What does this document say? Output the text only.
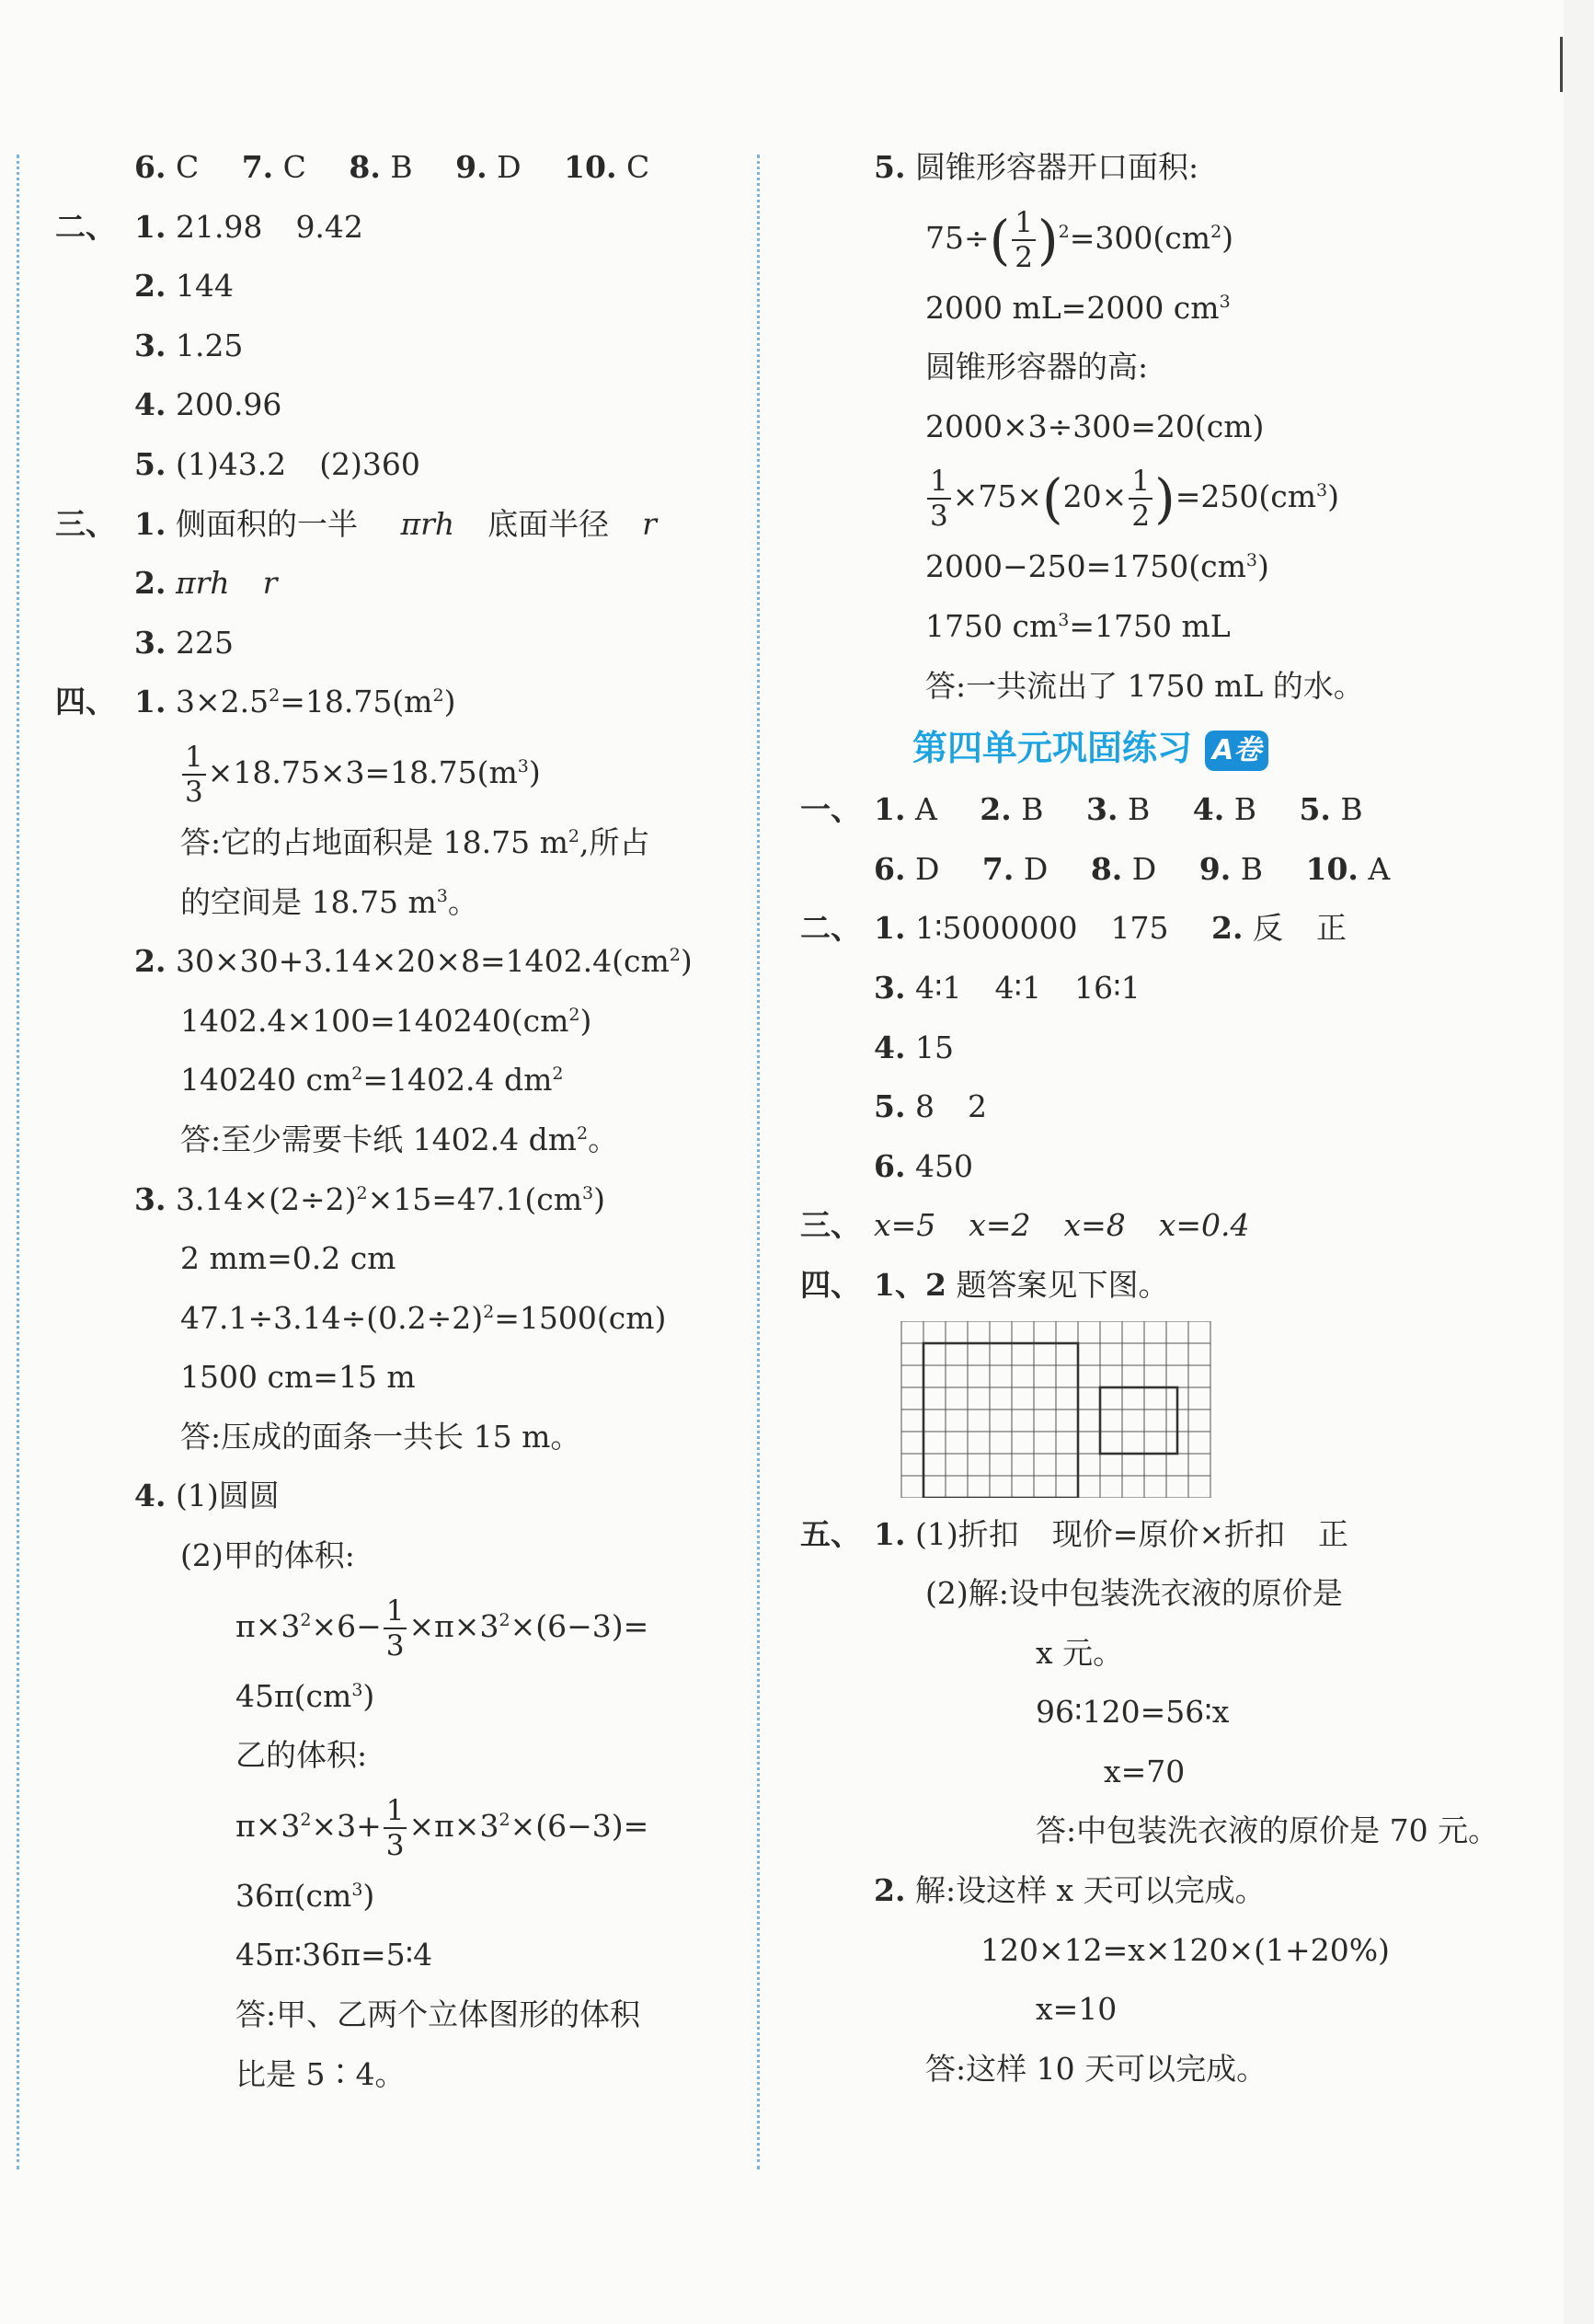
6. C 7. C 8. B 9. D 10. C
二、 1. 21.98 9.42
2. 144
3. 1.25
4. 200.96
5. (1)43.2 (2)360
三、 1. 侧面积的一半 πrh 底面半径 r
2. πrh r
3. 225
四、 1. $3\times 2.5^2=18.75(m^2)$
$\frac{1}{3} \times 18.75\times 3=18.75(m^3)$
答:它的占地面积是 18.75 $m^2$,所占
的空间是 18.75 $m^3$。
2. $30\times 30+3.14\times 20\times 8=1402.4(cm^2)$
$1402.4\times 100=140240(cm^2)$
140240 $cm^2=1402.4$ $dm^2$
答:至少需要卡纸 1402.4 $dm^2$。
3. $3.14\times(2\div 2)^2\times 15=47.1(cm^3)$
2 mm=0.2 cm
$47.1\div 3.14\div(0.2\div 2)^2=1500(cm)$
1500 cm=15 m
答:压成的面条一共长 15 m。
4. (1)圆圆
(2)甲的体积:
$\pi\times 3^2\times 6- \frac{1}{3} \times\pi\times 3^2\times(6-3)=$
$45\pi(cm^3)$
乙的体积:
$\pi\times 3^2\times 3+ \frac{1}{3} \times\pi\times 3^2\times(6-3)=$
$36\pi(cm^3)$
45π∶36π=5∶4
答:甲、乙两个立体图形的体积
比是 5∶4。
5. 圆锥形容器开口面积:
$75\div( \frac{1}{2} )^2=300(cm^2)$
2000 mL=2000 $cm^3$
圆锥形容器的高:
2000×3÷300=20(cm)
$\frac{1}{3} \times 75\times(20\times \frac{1}{2} )=250(cm^3)$
$2000-250=1750(cm^3)$
1750 $cm^3=1750$ mL
答:一共流出了 1750 mL 的水。
第四单元巩固练习 A卷
一、 1. A 2. B 3. B 4. B 5. B
6. D 7. D 8. D 9. B 10. A
二、 1. 1∶5000000 175 2. 反 正
3. 4∶1 4∶1 16∶1
4. 15
5. 8 2
6. 450
三、 x=5 x=2 x=8 x=0.4
四、 1、2 题答案见下图。
五、 1. (1)折扣 现价=原价×折扣 正
(2)解:设中包装洗衣液的原价是
x 元。
96∶120=56∶x
x=70
答:中包装洗衣液的原价是 70 元。
2. 解:设这样 x 天可以完成。
120×12=x×120×(1+20%)
x=10
答:这样 10 天可以完成。
